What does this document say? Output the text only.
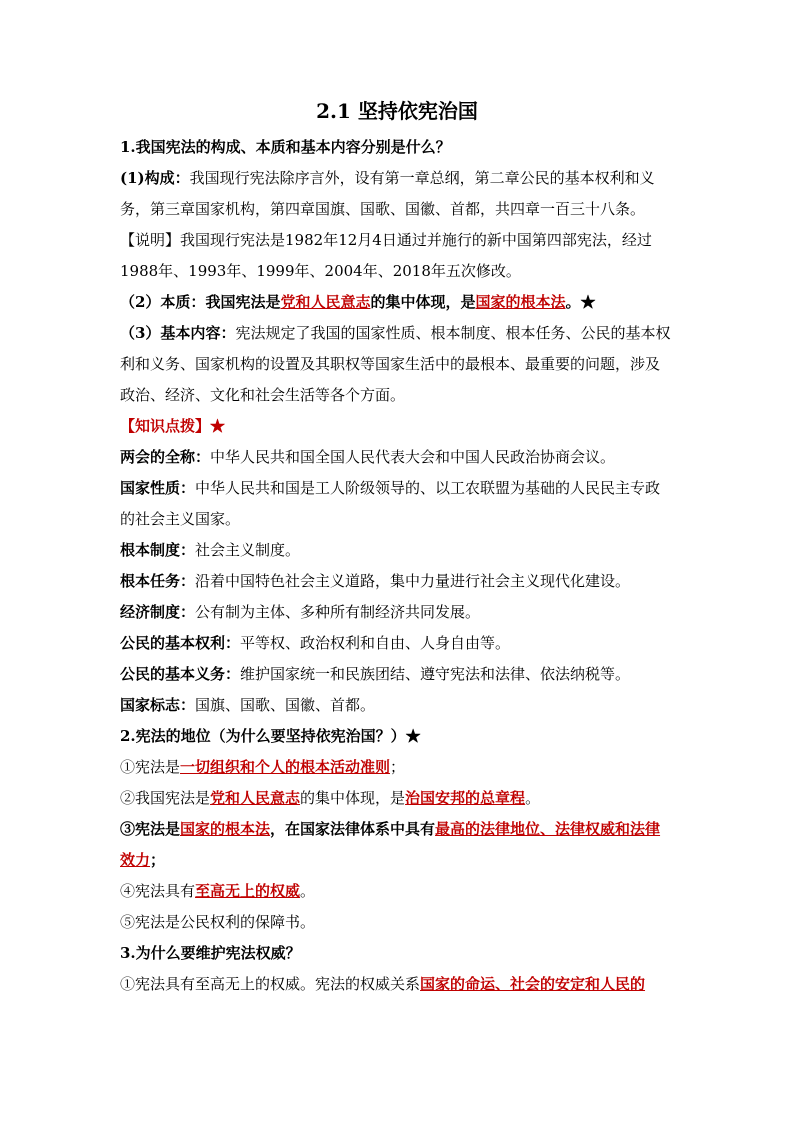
2.1 坚持依宪治国

1.我国宪法的构成、本质和基本内容分别是什么？

(1)构成：我国现行宪法除序言外，设有第一章总纲，第二章公民的基本权利和义务，第三章国家机构，第四章国旗、国歌、国徽、首都，共四章一百三十八条。

【说明】我国现行宪法是1982年12月4日通过并施行的新中国第四部宪法，经过1988年、1993年、1999年、2004年、2018年五次修改。

（2）本质：我国宪法是党和人民意志的集中体现，是国家的根本法。★

（3）基本内容：宪法规定了我国的国家性质、根本制度、根本任务、公民的基本权利和义务、国家机构的设置及其职权等国家生活中的最根本、最重要的问题，涉及政治、经济、文化和社会生活等各个方面。

【知识点拨】★

两会的全称：中华人民共和国全国人民代表大会和中国人民政治协商会议。

国家性质：中华人民共和国是工人阶级领导的、以工农联盟为基础的人民民主专政的社会主义国家。

根本制度：社会主义制度。

根本任务：沿着中国特色社会主义道路，集中力量进行社会主义现代化建设。

经济制度：公有制为主体、多种所有制经济共同发展。

公民的基本权利：平等权、政治权利和自由、人身自由等。

公民的基本义务：维护国家统一和民族团结、遵守宪法和法律、依法纳税等。

国家标志：国旗、国歌、国徽、首都。

2.宪法的地位（为什么要坚持依宪治国？）★

①宪法是一切组织和个人的根本活动准则；

②我国宪法是党和人民意志的集中体现，是治国安邦的总章程。

③宪法是国家的根本法，在国家法律体系中具有最高的法律地位、法律权威和法律效力；

④宪法具有至高无上的权威。

⑤宪法是公民权利的保障书。

3.为什么要维护宪法权威？

①宪法具有至高无上的权威。宪法的权威关系国家的命运、社会的安定和人民的
